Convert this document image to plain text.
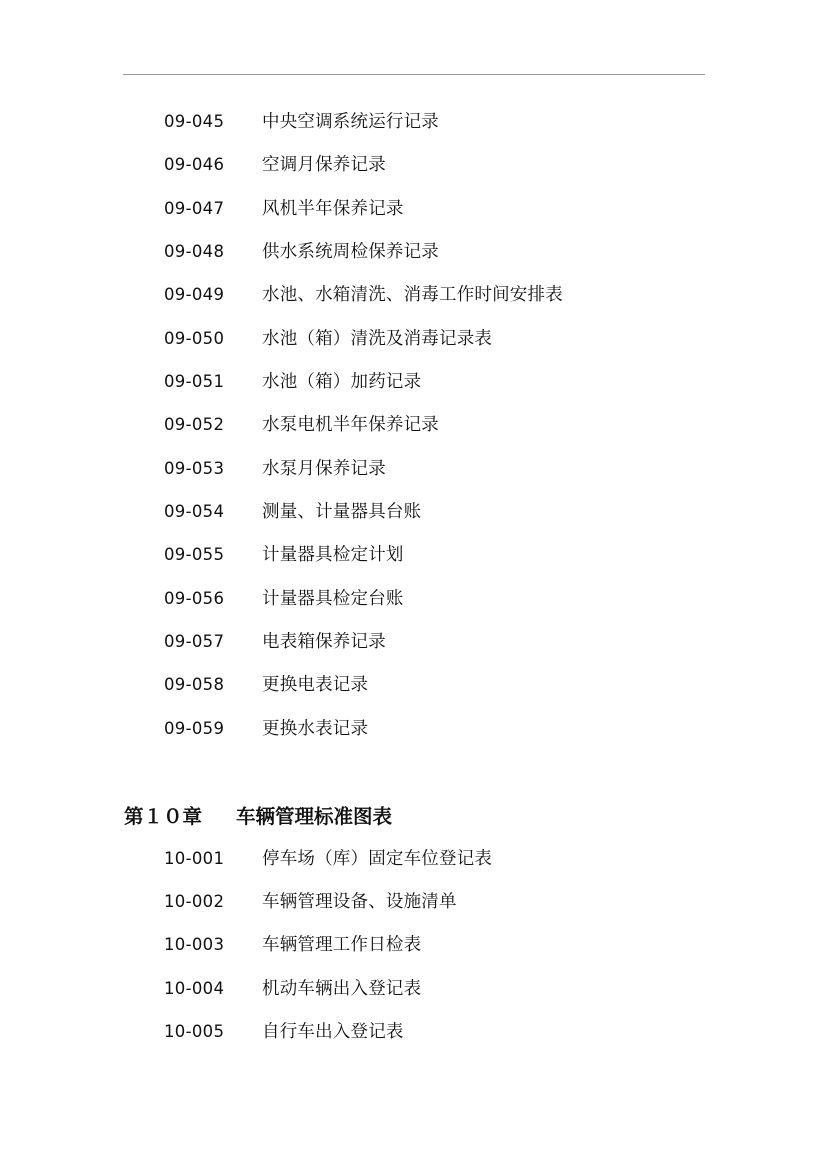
09-045 中央空调系统运行记录
09-046 空调月保养记录
09-047 风机半年保养记录
09-048 供水系统周检保养记录
09-049 水池、水箱清洗、消毒工作时间安排表
09-050 水池（箱）清洗及消毒记录表
09-051 水池（箱）加药记录
09-052 水泵电机半年保养记录
09-053 水泵月保养记录
09-054 测量、计量器具台账
09-055 计量器具检定计划
09-056 计量器具检定台账
09-057 电表箱保养记录
09-058 更换电表记录
09-059 更换水表记录
第１０章 车辆管理标准图表
10-001 停车场（库）固定车位登记表
10-002 车辆管理设备、设施清单
10-003 车辆管理工作日检表
10-004 机动车辆出入登记表
10-005 自行车出入登记表
